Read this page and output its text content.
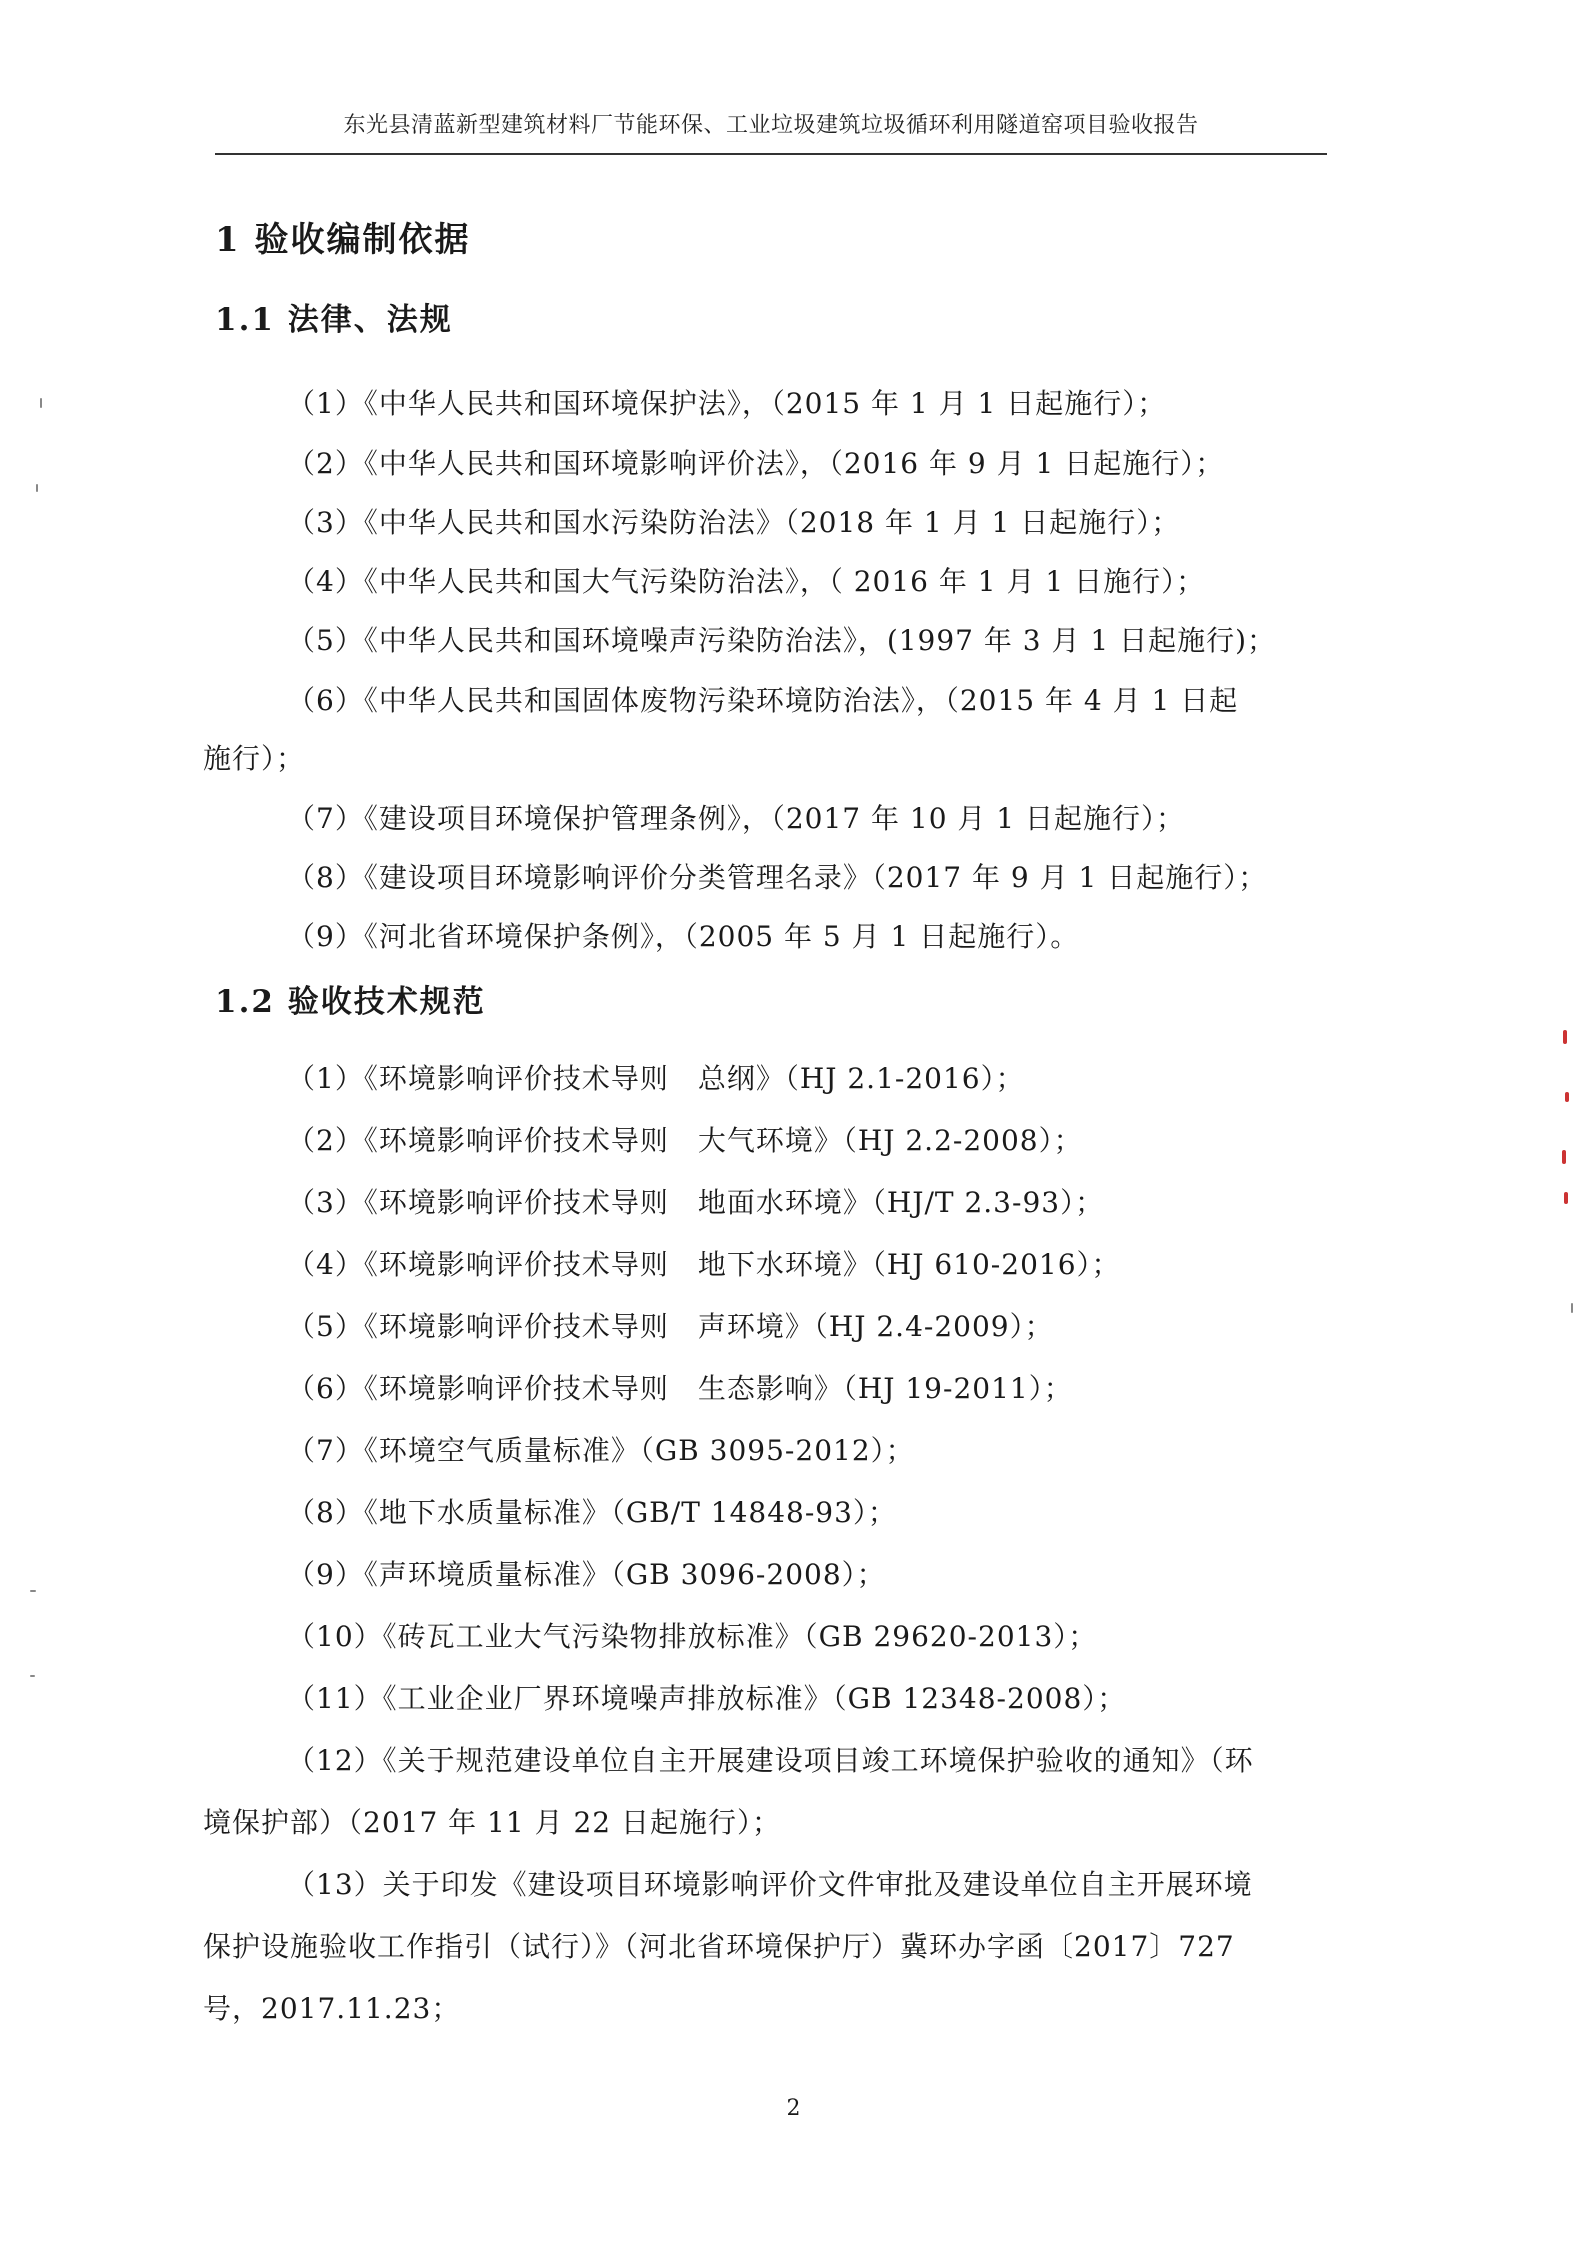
东光县清蓝新型建筑材料厂节能环保、工业垃圾建筑垃圾循环利用隧道窑项目验收报告
1 验收编制依据
1.1 法律、法规
（1）《中华人民共和国环境保护法》，（2015 年 1 月 1 日起施行）；
（2）《中华人民共和国环境影响评价法》，（2016 年 9 月 1 日起施行）；
（3）《中华人民共和国水污染防治法》（2018 年 1 月 1 日起施行）；
（4）《中华人民共和国大气污染防治法》，（ 2016 年 1 月 1 日施行）；
（5）《中华人民共和国环境噪声污染防治法》，(1997 年 3 月 1 日起施行)；
（6）《中华人民共和国固体废物污染环境防治法》，（2015 年 4 月 1 日起
施行）；
（7）《建设项目环境保护管理条例》，（2017 年 10 月 1 日起施行）；
（8）《建设项目环境影响评价分类管理名录》（2017 年 9 月 1 日起施行）；
（9）《河北省环境保护条例》，（2005 年 5 月 1 日起施行）。
1.2 验收技术规范
（1）《环境影响评价技术导则　总纲》（HJ 2.1-2016）；
（2）《环境影响评价技术导则　大气环境》（HJ 2.2-2008）；
（3）《环境影响评价技术导则　地面水环境》（HJ/T 2.3-93）；
（4）《环境影响评价技术导则　地下水环境》（HJ 610-2016）；
（5）《环境影响评价技术导则　声环境》（HJ 2.4-2009）；
（6）《环境影响评价技术导则　生态影响》（HJ 19-2011）；
（7）《环境空气质量标准》（GB 3095-2012）；
（8）《地下水质量标准》（GB/T 14848-93）；
（9）《声环境质量标准》（GB 3096-2008）；
（10）《砖瓦工业大气污染物排放标准》（GB 29620-2013）；
（11）《工业企业厂界环境噪声排放标准》（GB 12348-2008）；
（12）《关于规范建设单位自主开展建设项目竣工环境保护验收的通知》（环
境保护部）（2017 年 11 月 22 日起施行）；
（13）关于印发《建设项目环境影响评价文件审批及建设单位自主开展环境
保护设施验收工作指引（试行）》（河北省环境保护厅）冀环办字函〔2017〕727
号，2017.11.23；
2
